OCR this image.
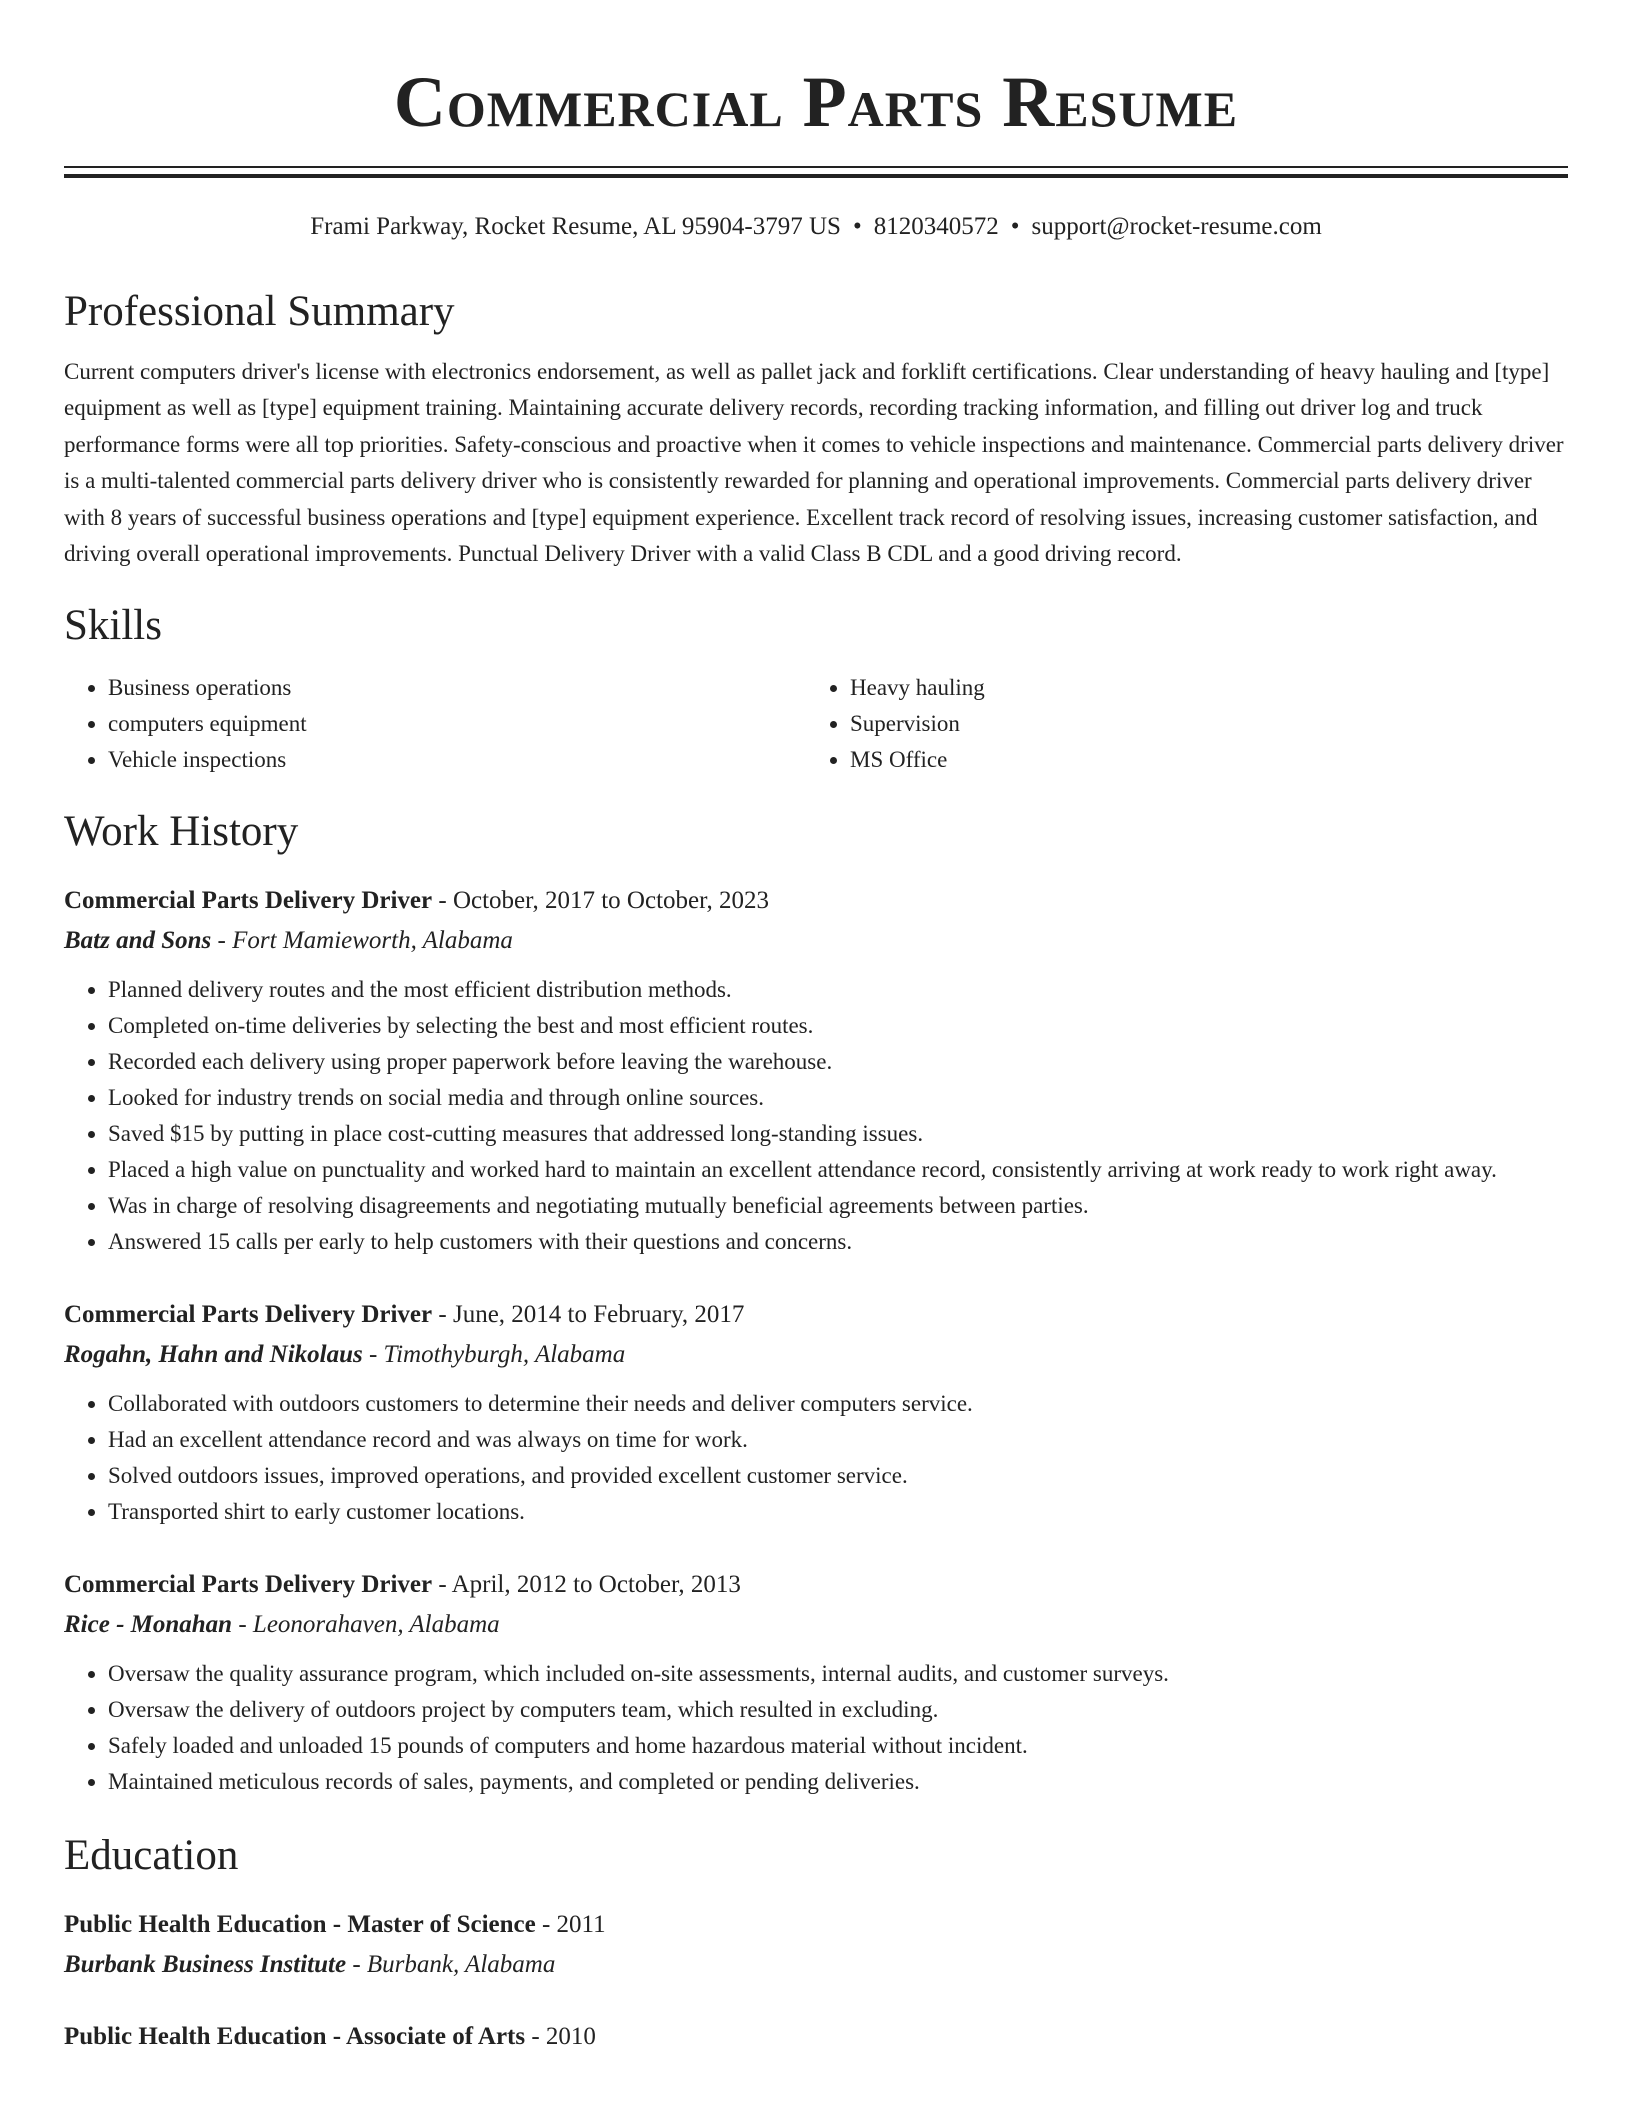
Commercial Parts Resume
Frami Parkway, Rocket Resume, AL 95904-3797 US • 8120340572 • support@rocket-resume.com
Professional Summary

Current computers driver's license with electronics endorsement, as well as pallet jack and forklift certifications. Clear understanding of heavy hauling and [type] equipment as well as [type] equipment training. Maintaining accurate delivery records, recording tracking information, and filling out driver log and truck performance forms were all top priorities. Safety-conscious and proactive when it comes to vehicle inspections and maintenance. Commercial parts delivery driver is a multi-talented commercial parts delivery driver who is consistently rewarded for planning and operational improvements. Commercial parts delivery driver with 8 years of successful business operations and [type] equipment experience. Excellent track record of resolving issues, increasing customer satisfaction, and driving overall operational improvements. Punctual Delivery Driver with a valid Class B CDL and a good driving record.

Skills
• Business operations
• computers equipment
• Vehicle inspections
• Heavy hauling
• Supervision
• MS Office
Work History

Commercial Parts Delivery Driver - October, 2017 to October, 2023

Batz and Sons - Fort Mamieworth, Alabama

• Planned delivery routes and the most efficient distribution methods.
• Completed on-time deliveries by selecting the best and most efficient routes.
• Recorded each delivery using proper paperwork before leaving the warehouse.
• Looked for industry trends on social media and through online sources.
• Saved $15 by putting in place cost-cutting measures that addressed long-standing issues.
• Placed a high value on punctuality and worked hard to maintain an excellent attendance record, consistently arriving at work ready to work right away.
• Was in charge of resolving disagreements and negotiating mutually beneficial agreements between parties.
• Answered 15 calls per early to help customers with their questions and concerns.

Commercial Parts Delivery Driver - June, 2014 to February, 2017

Rogahn, Hahn and Nikolaus - Timothyburgh, Alabama

• Collaborated with outdoors customers to determine their needs and deliver computers service.
• Had an excellent attendance record and was always on time for work.
• Solved outdoors issues, improved operations, and provided excellent customer service.
• Transported shirt to early customer locations.

Commercial Parts Delivery Driver - April, 2012 to October, 2013

Rice - Monahan - Leonorahaven, Alabama

• Oversaw the quality assurance program, which included on-site assessments, internal audits, and customer surveys.
• Oversaw the delivery of outdoors project by computers team, which resulted in excluding.
• Safely loaded and unloaded 15 pounds of computers and home hazardous material without incident.
• Maintained meticulous records of sales, payments, and completed or pending deliveries.
Education

Public Health Education - Master of Science - 2011

Burbank Business Institute - Burbank, Alabama

Public Health Education - Associate of Arts - 2010
